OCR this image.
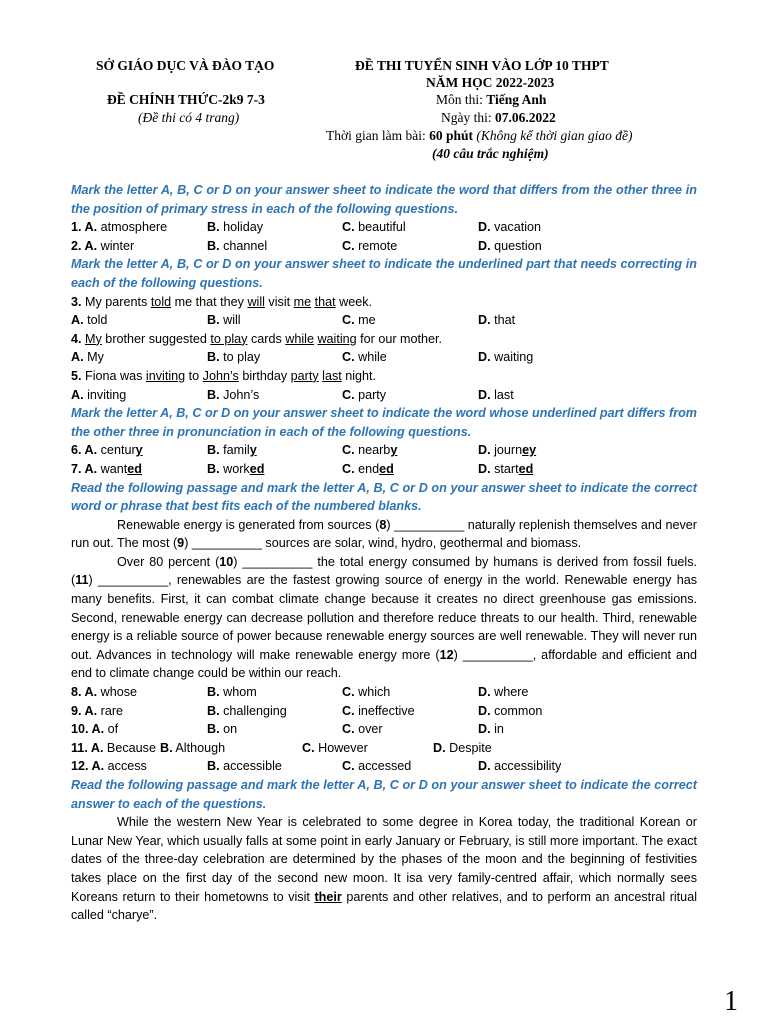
SỞ GIÁO DỤC VÀ ĐÀO TẠO
ĐỀ CHÍNH THỨC-2k9 7-3
(Đề thi có 4 trang)
ĐỀ THI TUYỂN SINH VÀO LỚP 10 THPT
NĂM HỌC 2022-2023
Môn thi: Tiếng Anh
Ngày thi: 07.06.2022
Thời gian làm bài: 60 phút (Không kể thời gian giao đề)
(40 câu trắc nghiệm)
Mark the letter A, B, C or D on your answer sheet to indicate the word that differs from the other three in the position of primary stress in each of the following questions.
1. A. atmosphere	B. holiday	C. beautiful	D. vacation
2. A. winter	B. channel	C. remote	D. question
Mark the letter A, B, C or D on your answer sheet to indicate the underlined part that needs correcting in each of the following questions.
3. My parents told me that they will visit me that week.
A. told	B. will	C. me	D. that
4. My brother suggested to play cards while waiting for our mother.
A. My	B. to play	C. while	D. waiting
5. Fiona was inviting to John’s birthday party last night.
A. inviting	B. John’s	C. party	D. last
Mark the letter A, B, C or D on your answer sheet to indicate the word whose underlined part differs from the other three in pronunciation in each of the following questions.
6. A. century	B. family	C. nearby	D. journey
7. A. wanted	B. worked	C. ended	D. started
Read the following passage and mark the letter A, B, C or D on your answer sheet to indicate the correct word or phrase that best fits each of the numbered blanks.
Renewable energy is generated from sources (8) __________ naturally replenish themselves and never run out. The most (9) __________ sources are solar, wind, hydro, geothermal and biomass.
Over 80 percent (10) __________ the total energy consumed by humans is derived from fossil fuels. (11) __________, renewables are the fastest growing source of energy in the world. Renewable energy has many benefits. First, it can combat climate change because it creates no direct greenhouse gas emissions. Second, renewable energy can decrease pollution and therefore reduce threats to our health. Third, renewable energy is a reliable source of power because renewable energy sources are well renewable. They will never run out. Advances in technology will make renewable energy more (12) __________, affordable and efficient and end to climate change could be within our reach.
8. A. whose	B. whom	C. which	D. where
9. A. rare	B. challenging	C. ineffective	D. common
10. A. of	B. on	C. over	D. in
11. A. Because B. Although	C. However	D. Despite
12. A. access	B. accessible	C. accessed	D. accessibility
Read the following passage and mark the letter A, B, C or D on your answer sheet to indicate the correct answer to each of the questions.
While the western New Year is celebrated to some degree in Korea today, the traditional Korean or Lunar New Year, which usually falls at some point in early January or February, is still more important. The exact dates of the three-day celebration are determined by the phases of the moon and the beginning of festivities takes place on the first day of the second new moon. It isa very family-centred affair, which normally sees Koreans return to their hometowns to visit their parents and other relatives, and to perform an ancestral ritual called “charye”.
1
